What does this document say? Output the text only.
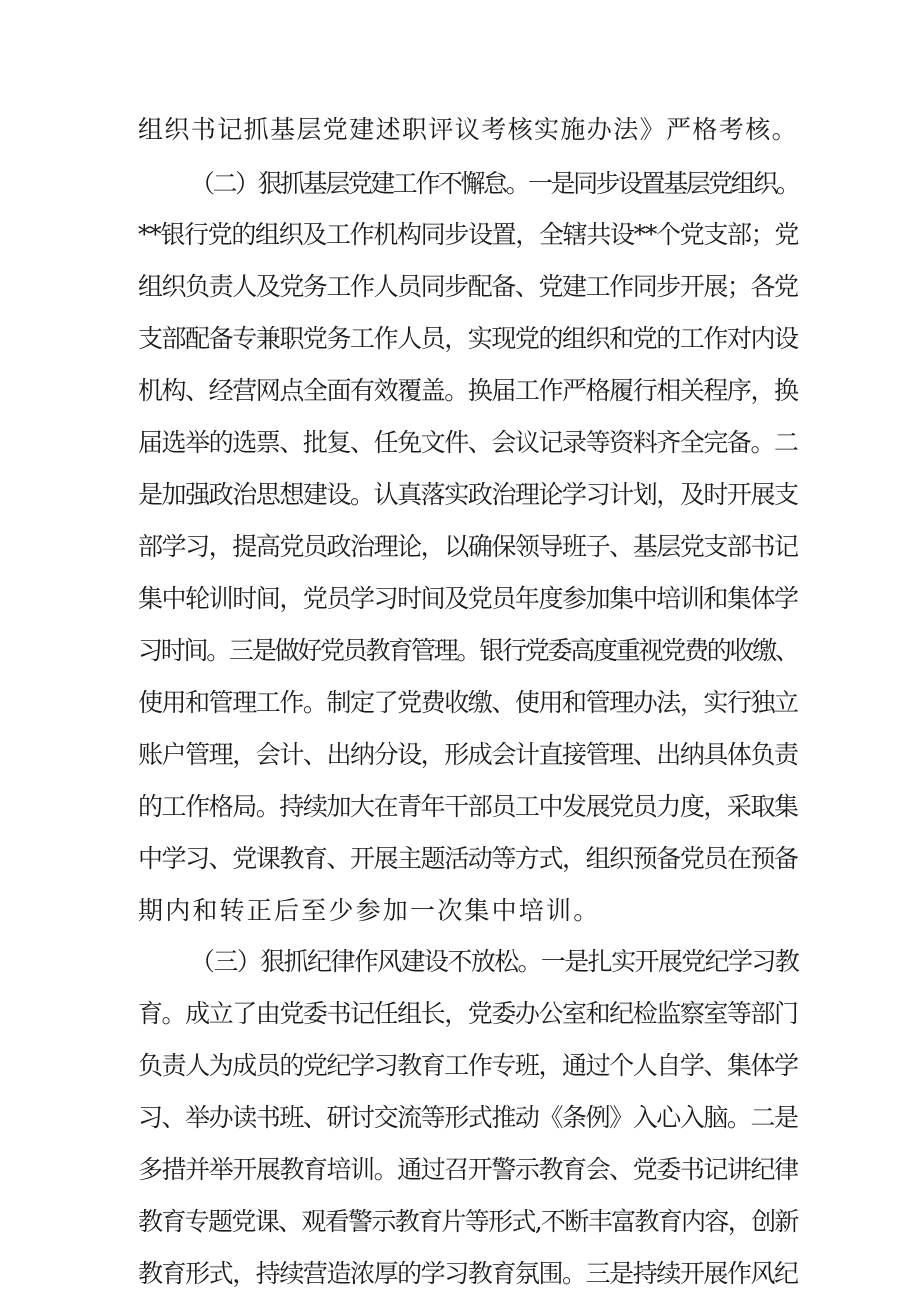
组织书记抓基层党建述职评议考核实施办法》严格考核。
（二）狠抓基层党建工作不懈怠。一是同步设置基层党组织。
**银行党的组织及工作机构同步设置，全辖共设**个党支部；党
组织负责人及党务工作人员同步配备、党建工作同步开展；各党
支部配备专兼职党务工作人员，实现党的组织和党的工作对内设
机构、经营网点全面有效覆盖。换届工作严格履行相关程序，换
届选举的选票、批复、任免文件、会议记录等资料齐全完备。二
是加强政治思想建设。认真落实政治理论学习计划，及时开展支
部学习，提高党员政治理论，以确保领导班子、基层党支部书记
集中轮训时间，党员学习时间及党员年度参加集中培训和集体学
习时间。三是做好党员教育管理。银行党委高度重视党费的收缴、
使用和管理工作。制定了党费收缴、使用和管理办法，实行独立
账户管理，会计、出纳分设，形成会计直接管理、出纳具体负责
的工作格局。持续加大在青年干部员工中发展党员力度，采取集
中学习、党课教育、开展主题活动等方式，组织预备党员在预备
期内和转正后至少参加一次集中培训。
（三）狠抓纪律作风建设不放松。一是扎实开展党纪学习教
育。成立了由党委书记任组长，党委办公室和纪检监察室等部门
负责人为成员的党纪学习教育工作专班，通过个人自学、集体学
习、举办读书班、研讨交流等形式推动《条例》入心入脑。二是
多措并举开展教育培训。通过召开警示教育会、党委书记讲纪律
教育专题党课、观看警示教育片等形式,不断丰富教育内容，创新
教育形式，持续营造浓厚的学习教育氛围。三是持续开展作风纪
